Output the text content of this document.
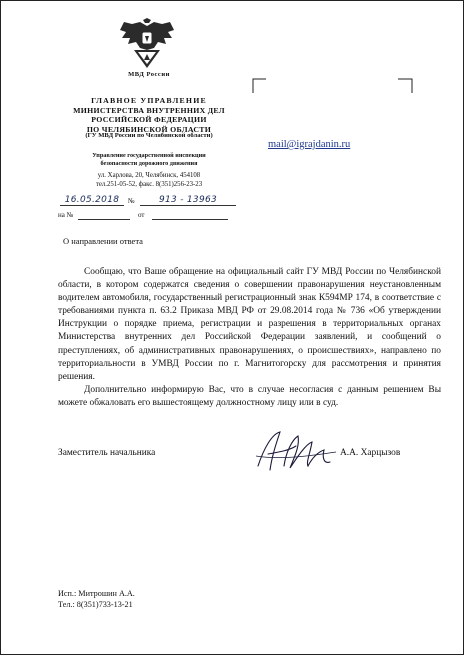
МВД России
ГЛАВНОЕ УПРАВЛЕНИЕ
МИНИСТЕРСТВА ВНУТРЕННИХ ДЕЛ
РОССИЙСКОЙ ФЕДЕРАЦИИ
ПО ЧЕЛЯБИНСКОЙ ОБЛАСТИ
(ГУ МВД России по Челябинской области)
Управление государственной инспекции
безопасности дорожного движения
ул. Харлова, 20, Челябинск, 454108
тел.251-05-52, факс. 8(351)256-23-23
16.05.2018	№	913 - 13963
на №	от
mail@igrajdanin.ru
О направлении ответа

Сообщаю, что Ваше обращение на официальный сайт ГУ МВД России по Челябинской области, в котором содержатся сведения о совершении правонарушения неустановленным водителем автомобиля, государственный регистрационный знак К594МР 174, в соответствие с требованиями пункта п. 63.2 Приказа МВД РФ от 29.08.2014 года № 736 «Об утверждении Инструкции о порядке приема, регистрации и разрешения в территориальных органах Министерства внутренних дел Российской Федерации заявлений, и сообщений о преступлениях, об административных правонарушениях, о происшествиях», направлено по территориальности в УМВД России по г. Магнитогорску для рассмотрения и принятия решения.

Дополнительно информирую Вас, что в случае несогласия с данным решением Вы можете обжаловать его вышестоящему должностному лицу или в суд.

Заместитель начальника	А.А. Харцызов
Исп.: Митрошин А.А.
Тел.: 8(351)733-13-21
